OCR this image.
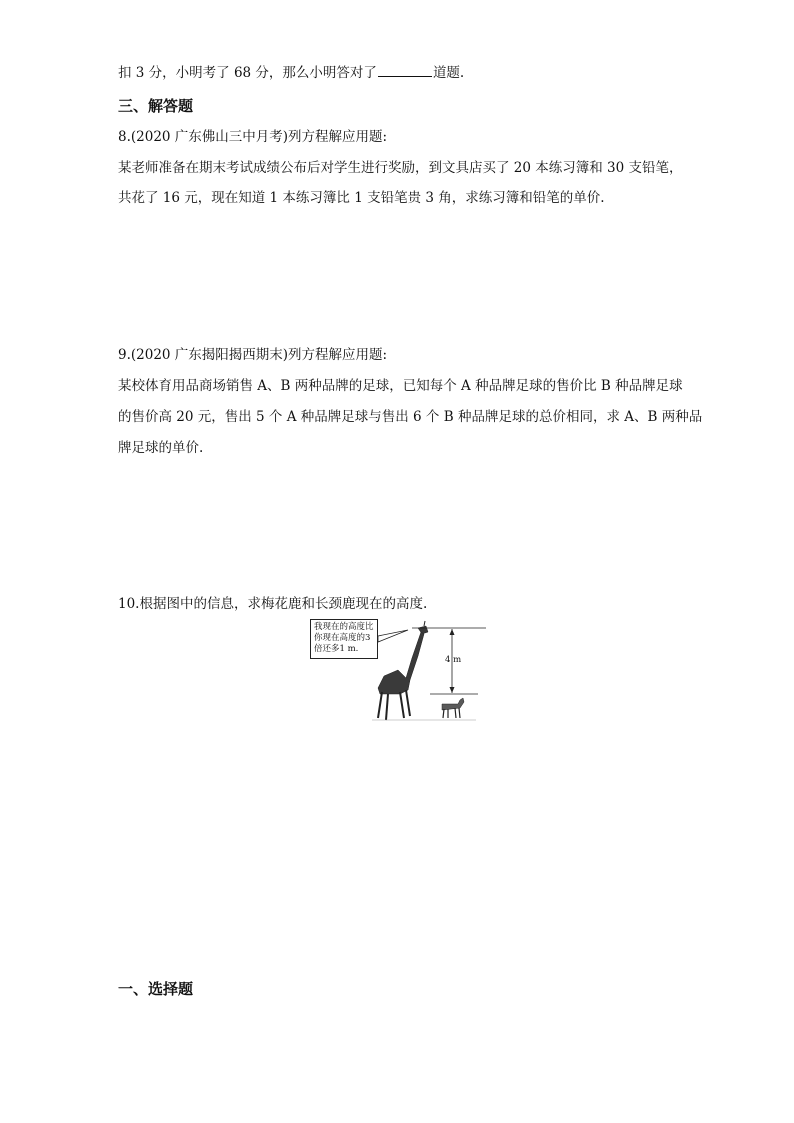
扣 3 分，小明考了 68 分，那么小明答对了	道题.
三、解答题
8.(2020 广东佛山三中月考)列方程解应用题:
某老师准备在期末考试成绩公布后对学生进行奖励，到文具店买了 20 本练习簿和 30 支铅笔，
共花了 16 元，现在知道 1 本练习簿比 1 支铅笔贵 3 角，求练习簿和铅笔的单价.
9.(2020 广东揭阳揭西期末)列方程解应用题:
某校体育用品商场销售 A、B 两种品牌的足球，已知每个 A 种品牌足球的售价比 B 种品牌足球
的售价高 20 元，售出 5 个 A 种品牌足球与售出 6 个 B 种品牌足球的总价相同，求 A、B 两种品
牌足球的单价.
10.根据图中的信息，求梅花鹿和长颈鹿现在的高度.
我现在的高度比
你现在高度的3
倍还多1 m.
4 m
一、选择题
